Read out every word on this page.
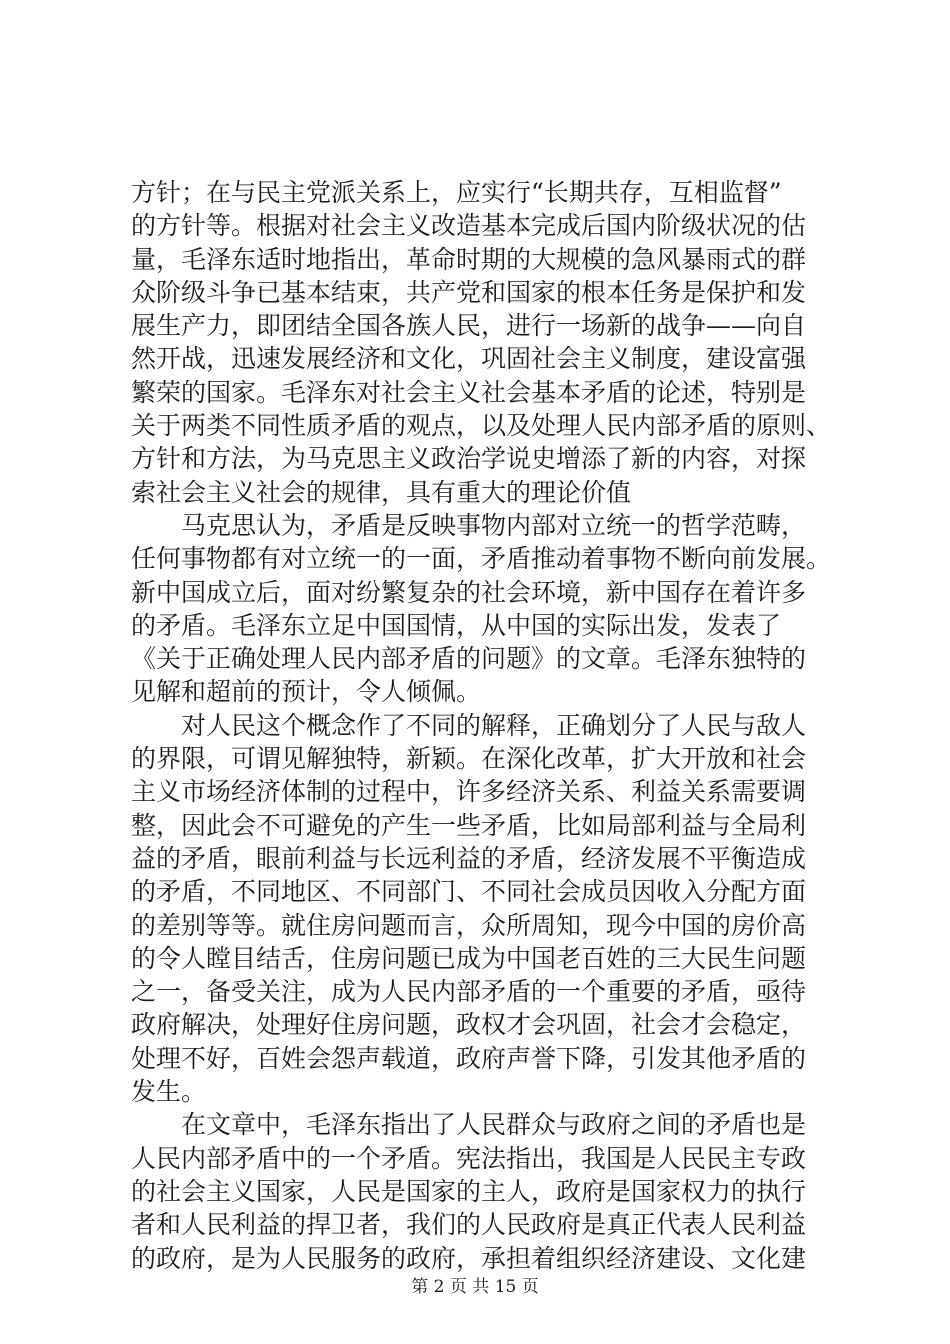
方针；在与民主党派关系上，应实行“长期共存，互相监督”
的方针等。根据对社会主义改造基本完成后国内阶级状况的估
量，毛泽东适时地指出，革命时期的大规模的急风暴雨式的群
众阶级斗争已基本结束，共产党和国家的根本任务是保护和发
展生产力，即团结全国各族人民，进行一场新的战争——向自
然开战，迅速发展经济和文化，巩固社会主义制度，建设富强
繁荣的国家。毛泽东对社会主义社会基本矛盾的论述，特别是
关于两类不同性质矛盾的观点，以及处理人民内部矛盾的原则、
方针和方法，为马克思主义政治学说史增添了新的内容，对探
索社会主义社会的规律，具有重大的理论价值
　　马克思认为，矛盾是反映事物内部对立统一的哲学范畴，
任何事物都有对立统一的一面，矛盾推动着事物不断向前发展。
新中国成立后，面对纷繁复杂的社会环境，新中国存在着许多
的矛盾。毛泽东立足中国国情，从中国的实际出发，发表了
《关于正确处理人民内部矛盾的问题》的文章。毛泽东独特的
见解和超前的预计，令人倾佩。
　　对人民这个概念作了不同的解释，正确划分了人民与敌人
的界限，可谓见解独特，新颖。在深化改革，扩大开放和社会
主义市场经济体制的过程中，许多经济关系、利益关系需要调
整，因此会不可避免的产生一些矛盾，比如局部利益与全局利
益的矛盾，眼前利益与长远利益的矛盾，经济发展不平衡造成
的矛盾，不同地区、不同部门、不同社会成员因收入分配方面
的差别等等。就住房问题而言，众所周知，现今中国的房价高
的令人瞠目结舌，住房问题已成为中国老百姓的三大民生问题
之一，备受关注，成为人民内部矛盾的一个重要的矛盾，亟待
政府解决，处理好住房问题，政权才会巩固，社会才会稳定，
处理不好，百姓会怨声载道，政府声誉下降，引发其他矛盾的
发生。
　　在文章中，毛泽东指出了人民群众与政府之间的矛盾也是
人民内部矛盾中的一个矛盾。宪法指出，我国是人民民主专政
的社会主义国家，人民是国家的主人，政府是国家权力的执行
者和人民利益的捍卫者，我们的人民政府是真正代表人民利益
的政府，是为人民服务的政府，承担着组织经济建设、文化建
第 2 页 共 15 页
